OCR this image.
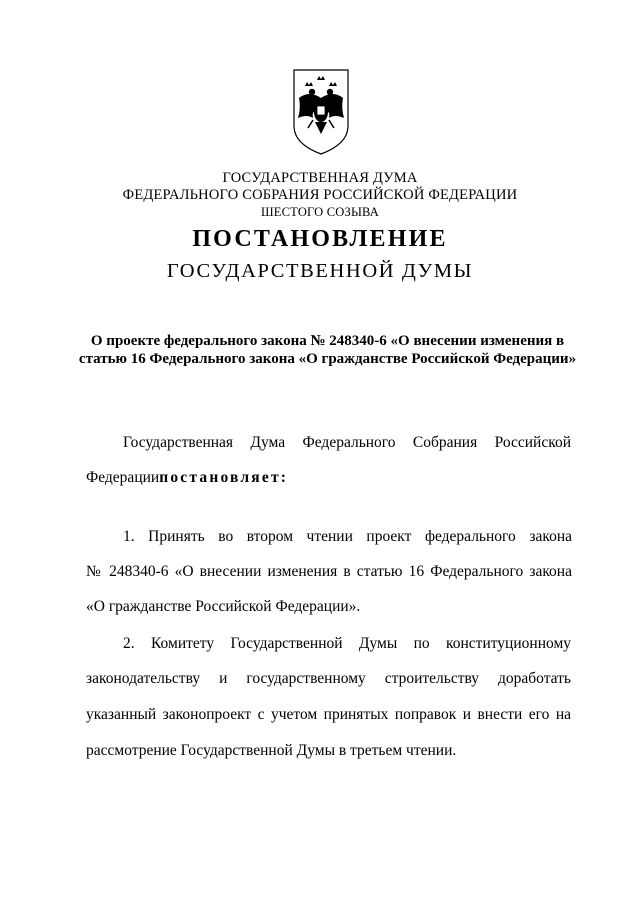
ГОСУДАРСТВЕННАЯ ДУМА
ФЕДЕРАЛЬНОГО СОБРАНИЯ РОССИЙСКОЙ ФЕДЕРАЦИИ
ШЕСТОГО СОЗЫВА
ПОСТАНОВЛЕНИЕ
ГОСУДАРСТВЕННОЙ ДУМЫ
О проекте федерального закона № 248340-6 «О внесении изменения в статью 16 Федерального закона «О гражданстве Российской Федерации»
Государственная Дума Федерального Собрания Российской
Федерациипостановляет:
1. Принять во втором чтении проект федерального закона
№ 248340-6 «О внесении изменения в статью 16 Федерального закона
«О гражданстве Российской Федерации».
2. Комитету Государственной Думы по конституционному
законодательству и государственному строительству доработать
указанный законопроект с учетом принятых поправок и внести его на
рассмотрение Государственной Думы в третьем чтении.
